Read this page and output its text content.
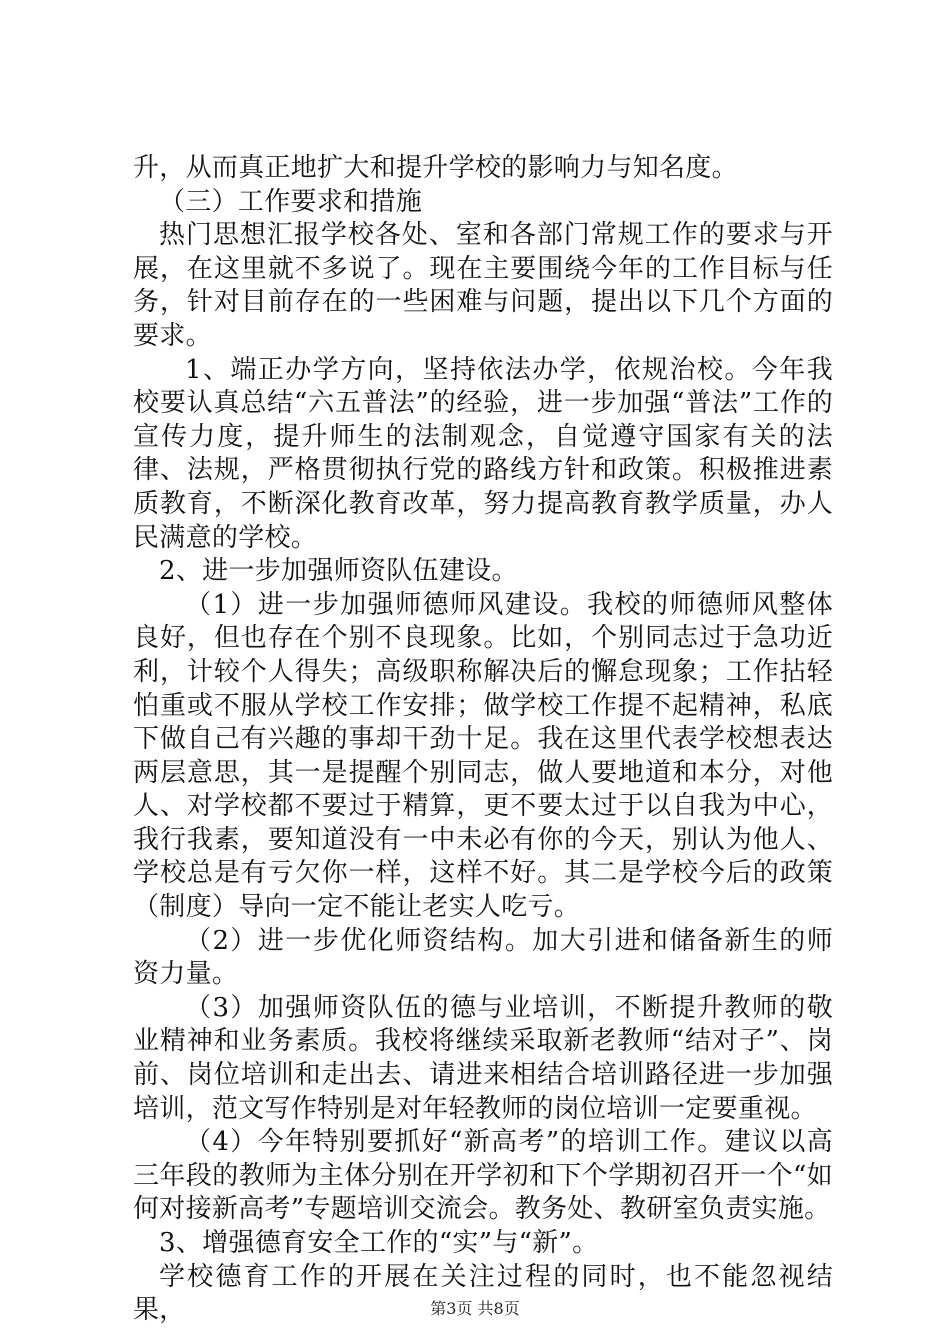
升，从而真正地扩大和提升学校的影响力与知名度。

（三）工作要求和措施

热门思想汇报学校各处、室和各部门常规工作的要求与开展，在这里就不多说了。现在主要围绕今年的工作目标与任务，针对目前存在的一些困难与问题，提出以下几个方面的要求。

1、端正办学方向，坚持依法办学，依规治校。今年我校要认真总结“六五普法”的经验，进一步加强“普法”工作的宣传力度，提升师生的法制观念，自觉遵守国家有关的法律、法规，严格贯彻执行党的路线方针和政策。积极推进素质教育，不断深化教育改革，努力提高教育教学质量，办人民满意的学校。

2、进一步加强师资队伍建设。

（1）进一步加强师德师风建设。我校的师德师风整体良好，但也存在个别不良现象。比如，个别同志过于急功近利，计较个人得失；高级职称解决后的懈怠现象；工作拈轻怕重或不服从学校工作安排；做学校工作提不起精神，私底下做自己有兴趣的事却干劲十足。我在这里代表学校想表达两层意思，其一是提醒个别同志，做人要地道和本分，对他人、对学校都不要过于精算，更不要太过于以自我为中心，我行我素，要知道没有一中未必有你的今天，别认为他人、学校总是有亏欠你一样，这样不好。其二是学校今后的政策（制度）导向一定不能让老实人吃亏。

（2）进一步优化师资结构。加大引进和储备新生的师资力量。

（3）加强师资队伍的德与业培训，不断提升教师的敬业精神和业务素质。我校将继续采取新老教师“结对子”、岗前、岗位培训和走出去、请进来相结合培训路径进一步加强培训，范文写作特别是对年轻教师的岗位培训一定要重视。

（4）今年特别要抓好“新高考”的培训工作。建议以高三年段的教师为主体分别在开学初和下个学期初召开一个“如何对接新高考”专题培训交流会。教务处、教研室负责实施。

3、增强德育安全工作的“实”与“新”。

学校德育工作的开展在关注过程的同时，也不能忽视结果，	第3页 共8页
